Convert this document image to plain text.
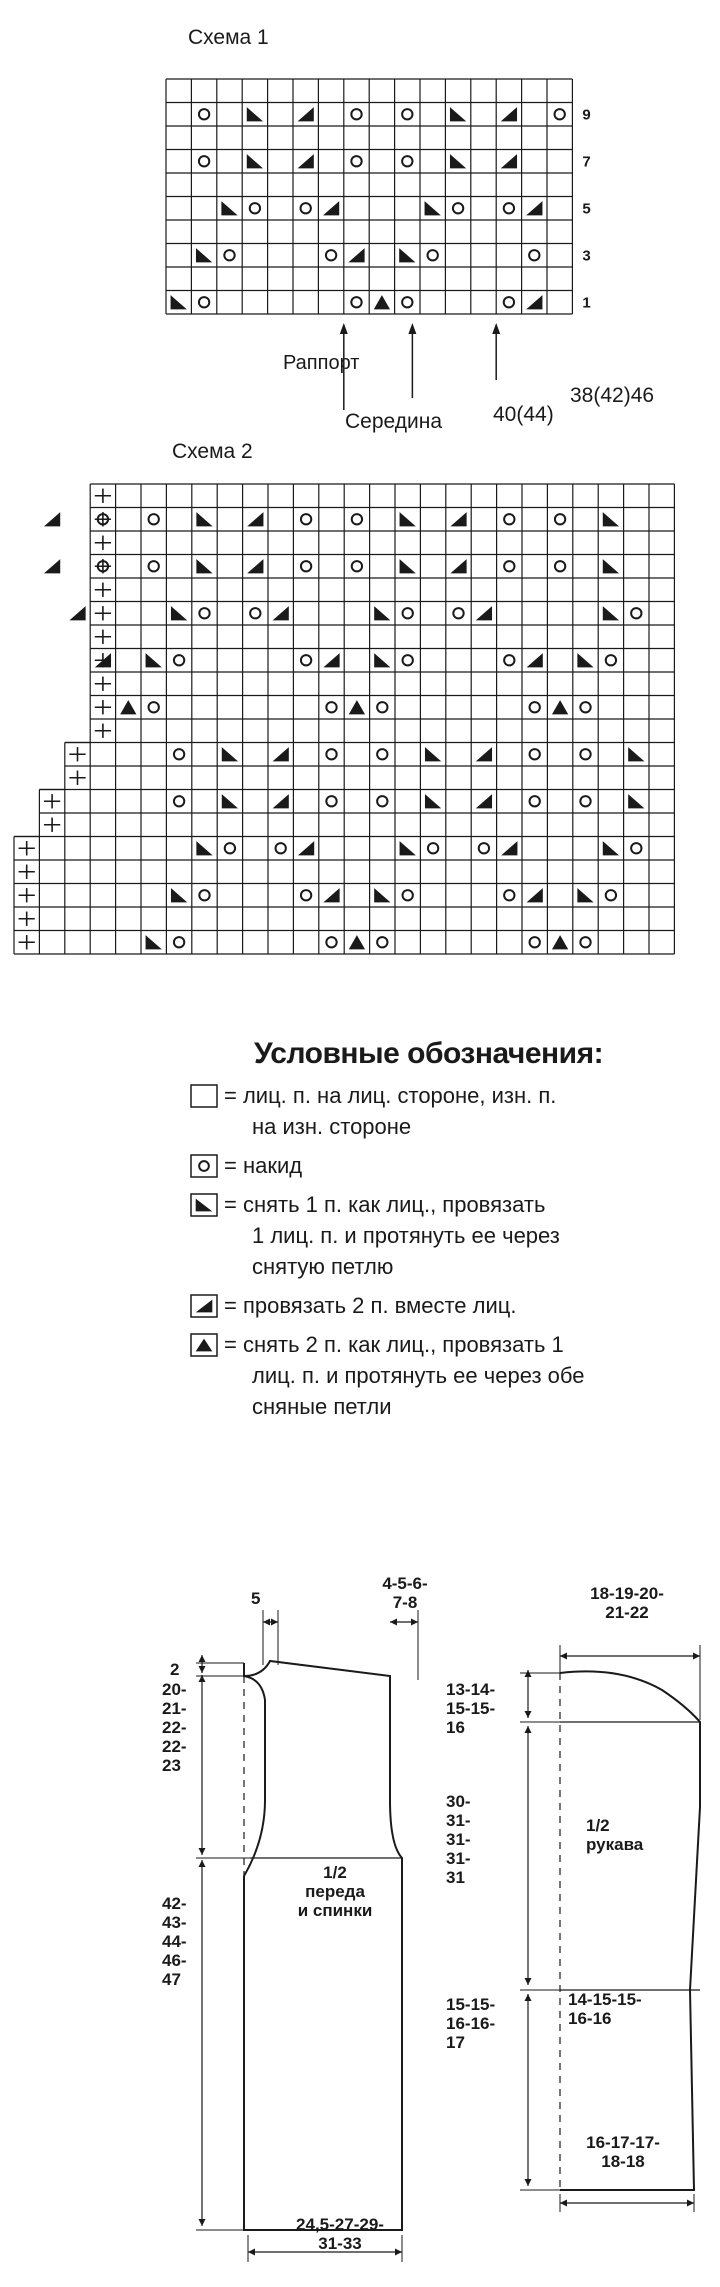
Схема 1
9
7
5
3
1
Раппорт
Середина 40(44)
38(42)46
Схема 2
Условные обозначения:
= лиц. п. на лиц. стороне, изн. п.
на изн. стороне
= накид
= снять 1 п. как лиц., провязать
1 лиц. п. и протянуть ее через
снятую петлю
= провязать 2 п. вместе лиц.
= снять 2 п. как лиц., провязать 1
лиц. п. и протянуть ее через обе
сняные петли
5
4-5-6-
7-8
2
20-
21-
22-
22-
23
42-
43-
44-
46-
47
24,5-27-29-
31-33
1/2
переда
и спинки
18-19-20-
21-22
13-14-
15-15-
16
30-
31-
31-
31-
31
15-15-
16-16-
17
14-15-15-
16-16
16-17-17-
18-18
1/2
рукава
